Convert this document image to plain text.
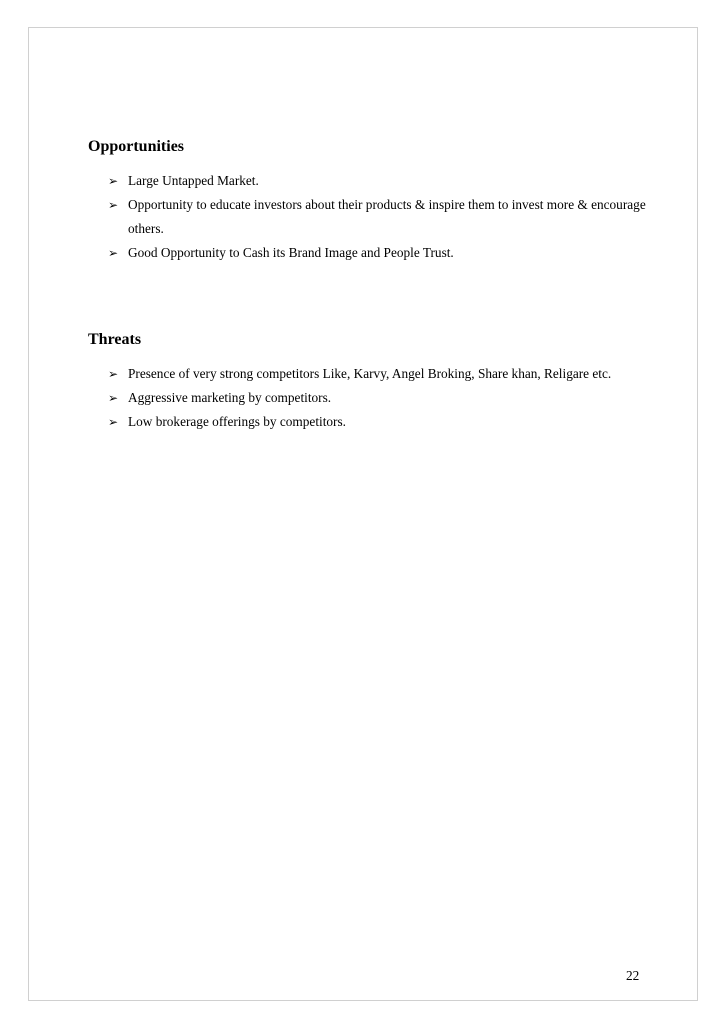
Opportunities
➢ Large Untapped Market.
➢ Opportunity to educate investors about their products & inspire them to invest more & encourage others.
➢ Good Opportunity to Cash its Brand Image and People Trust.
Threats
➢ Presence of very strong competitors Like, Karvy, Angel Broking, Share khan, Religare etc.
➢ Aggressive marketing by competitors.
➢ Low brokerage offerings by competitors.
22
